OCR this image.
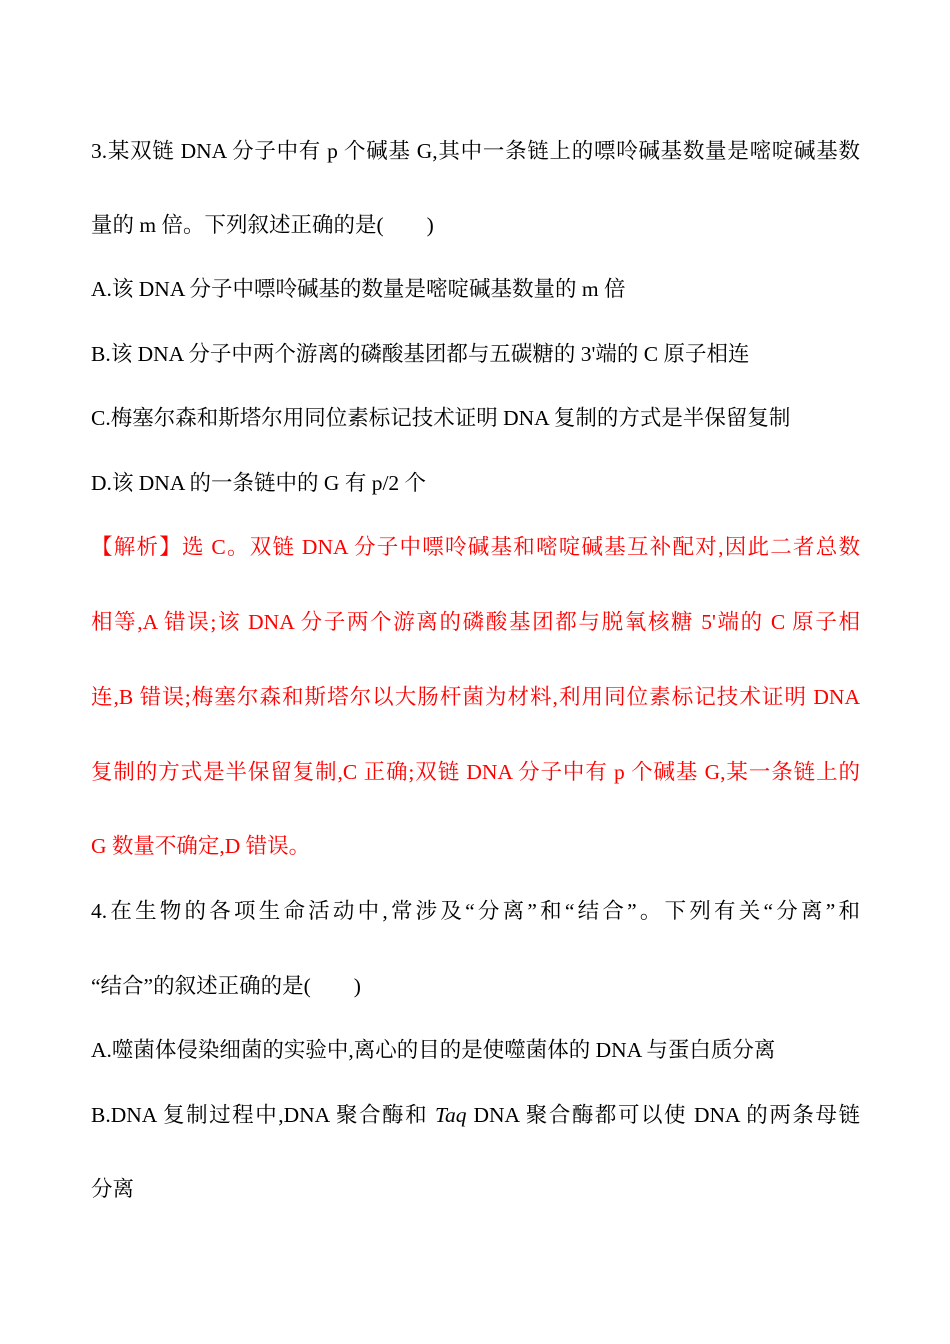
3.某双链 DNA 分子中有 p 个碱基 G,其中一条链上的嘌呤碱基数量是嘧啶碱基数
量的 m 倍。下列叙述正确的是(　　)
A.该 DNA 分子中嘌呤碱基的数量是嘧啶碱基数量的 m 倍
B.该 DNA 分子中两个游离的磷酸基团都与五碳糖的 3'端的 C 原子相连
C.梅塞尔森和斯塔尔用同位素标记技术证明 DNA 复制的方式是半保留复制
D.该 DNA 的一条链中的 G 有 p/2 个
【解析】选 C。双链 DNA 分子中嘌呤碱基和嘧啶碱基互补配对,因此二者总数
相等,A 错误;该 DNA 分子两个游离的磷酸基团都与脱氧核糖 5'端的 C 原子相
连,B 错误;梅塞尔森和斯塔尔以大肠杆菌为材料,利用同位素标记技术证明 DNA
复制的方式是半保留复制,C 正确;双链 DNA 分子中有 p 个碱基 G,某一条链上的
G 数量不确定,D 错误。
4.在生物的各项生命活动中,常涉及“分离”和“结合”。下列有关“分离”和
“结合”的叙述正确的是(　　)
A.噬菌体侵染细菌的实验中,离心的目的是使噬菌体的 DNA 与蛋白质分离
B.DNA 复制过程中,DNA 聚合酶和 Taq DNA 聚合酶都可以使 DNA 的两条母链
分离
